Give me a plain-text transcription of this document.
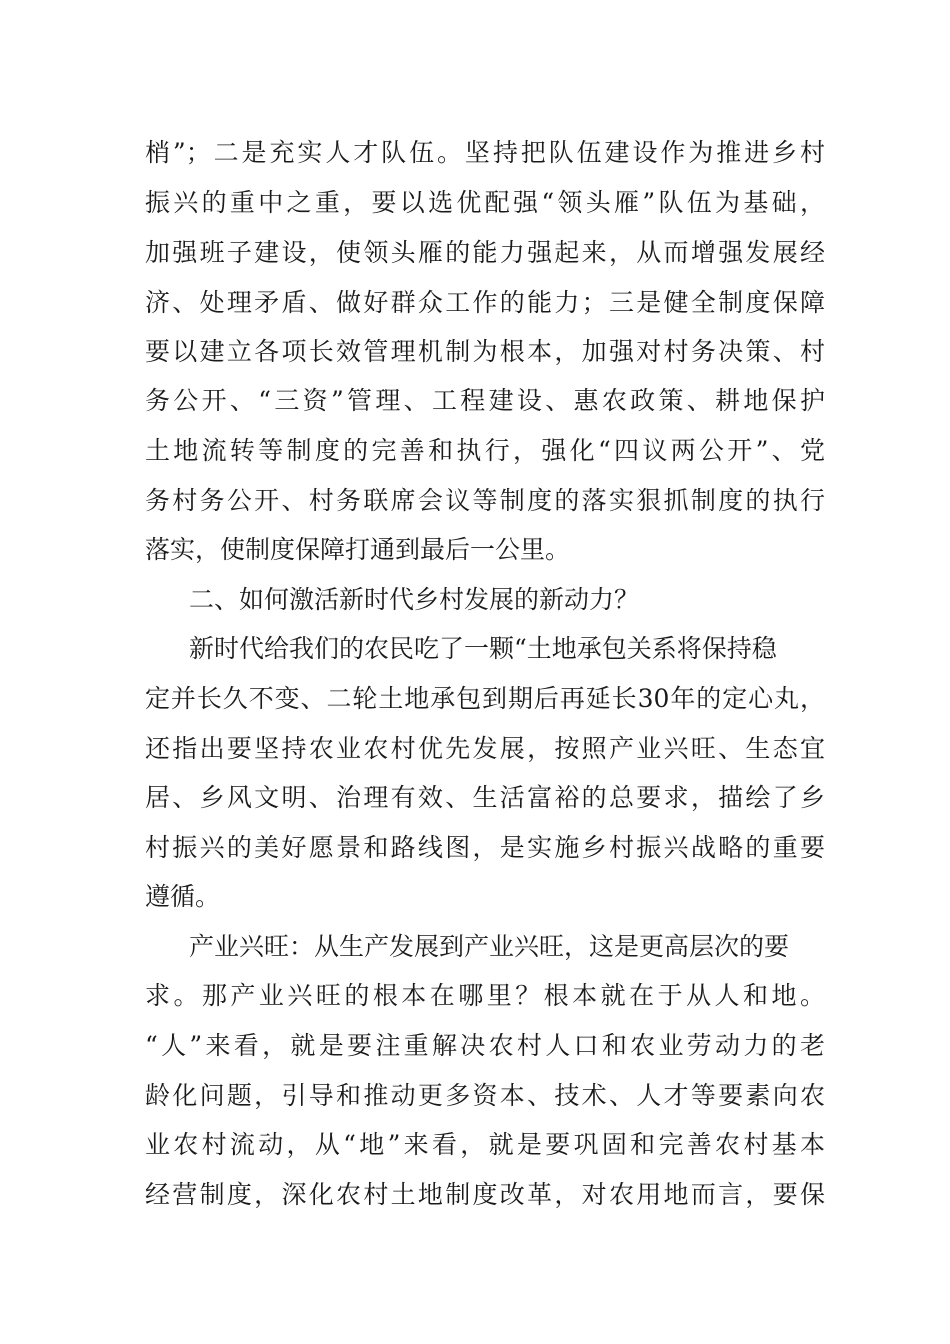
梢”；二是充实人才队伍。坚持把队伍建设作为推进乡村
振兴的重中之重，要以选优配强“领头雁”队伍为基础，
加强班子建设，使领头雁的能力强起来，从而增强发展经
济、处理矛盾、做好群众工作的能力；三是健全制度保障
要以建立各项长效管理机制为根本，加强对村务决策、村
务公开、“三资”管理、工程建设、惠农政策、耕地保护
土地流转等制度的完善和执行，强化“四议两公开”、党
务村务公开、村务联席会议等制度的落实狠抓制度的执行
落实，使制度保障打通到最后一公里。
二、如何激活新时代乡村发展的新动力？
新时代给我们的农民吃了一颗“土地承包关系将保持稳
定并长久不变、二轮土地承包到期后再延长30年的定心丸，
还指出要坚持农业农村优先发展，按照产业兴旺、生态宜
居、乡风文明、治理有效、生活富裕的总要求，描绘了乡
村振兴的美好愿景和路线图，是实施乡村振兴战略的重要
遵循。
产业兴旺：从生产发展到产业兴旺，这是更高层次的要
求。那产业兴旺的根本在哪里？根本就在于从人和地。
“人”来看，就是要注重解决农村人口和农业劳动力的老
龄化问题，引导和推动更多资本、技术、人才等要素向农
业农村流动，从“地”来看，就是要巩固和完善农村基本
经营制度，深化农村土地制度改革，对农用地而言，要保
